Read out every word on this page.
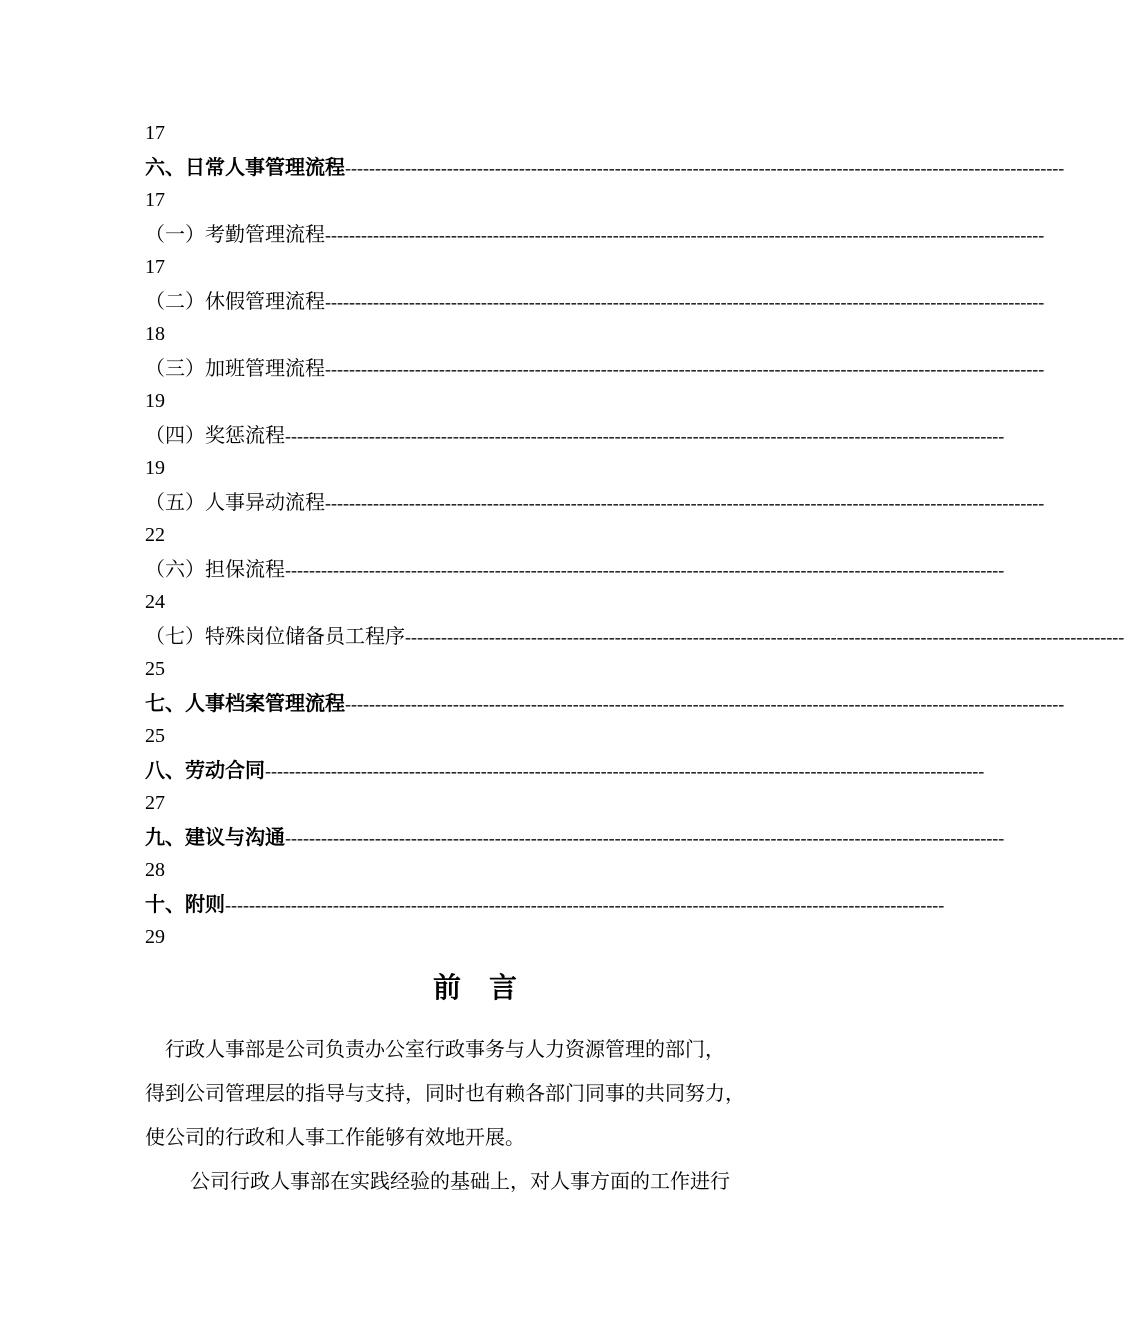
17
六、日常人事管理流程 ------------------------------------------------------------------------------------------------------------------------
17
（一）考勤管理流程 ------------------------------------------------------------------------------------------------------------------------
17
（二）休假管理流程 ------------------------------------------------------------------------------------------------------------------------
18
（三）加班管理流程 ------------------------------------------------------------------------------------------------------------------------
19
（四）奖惩流程 ------------------------------------------------------------------------------------------------------------------------
19
（五）人事异动流程 ------------------------------------------------------------------------------------------------------------------------
22
（六）担保流程 ------------------------------------------------------------------------------------------------------------------------
24
（七）特殊岗位储备员工程序 ------------------------------------------------------------------------------------------------------------------------
25
七、人事档案管理流程 ------------------------------------------------------------------------------------------------------------------------
25
八、劳动合同 ------------------------------------------------------------------------------------------------------------------------
27
九、建议与沟通 ------------------------------------------------------------------------------------------------------------------------
28
十、附则 ------------------------------------------------------------------------------------------------------------------------
29
前　言

行政人事部是公司负责办公室行政事务与人力资源管理的部门，
得到公司管理层的指导与支持，同时也有赖各部门同事的共同努力，
使公司的行政和人事工作能够有效地开展。

公司行政人事部在实践经验的基础上，对人事方面的工作进行
